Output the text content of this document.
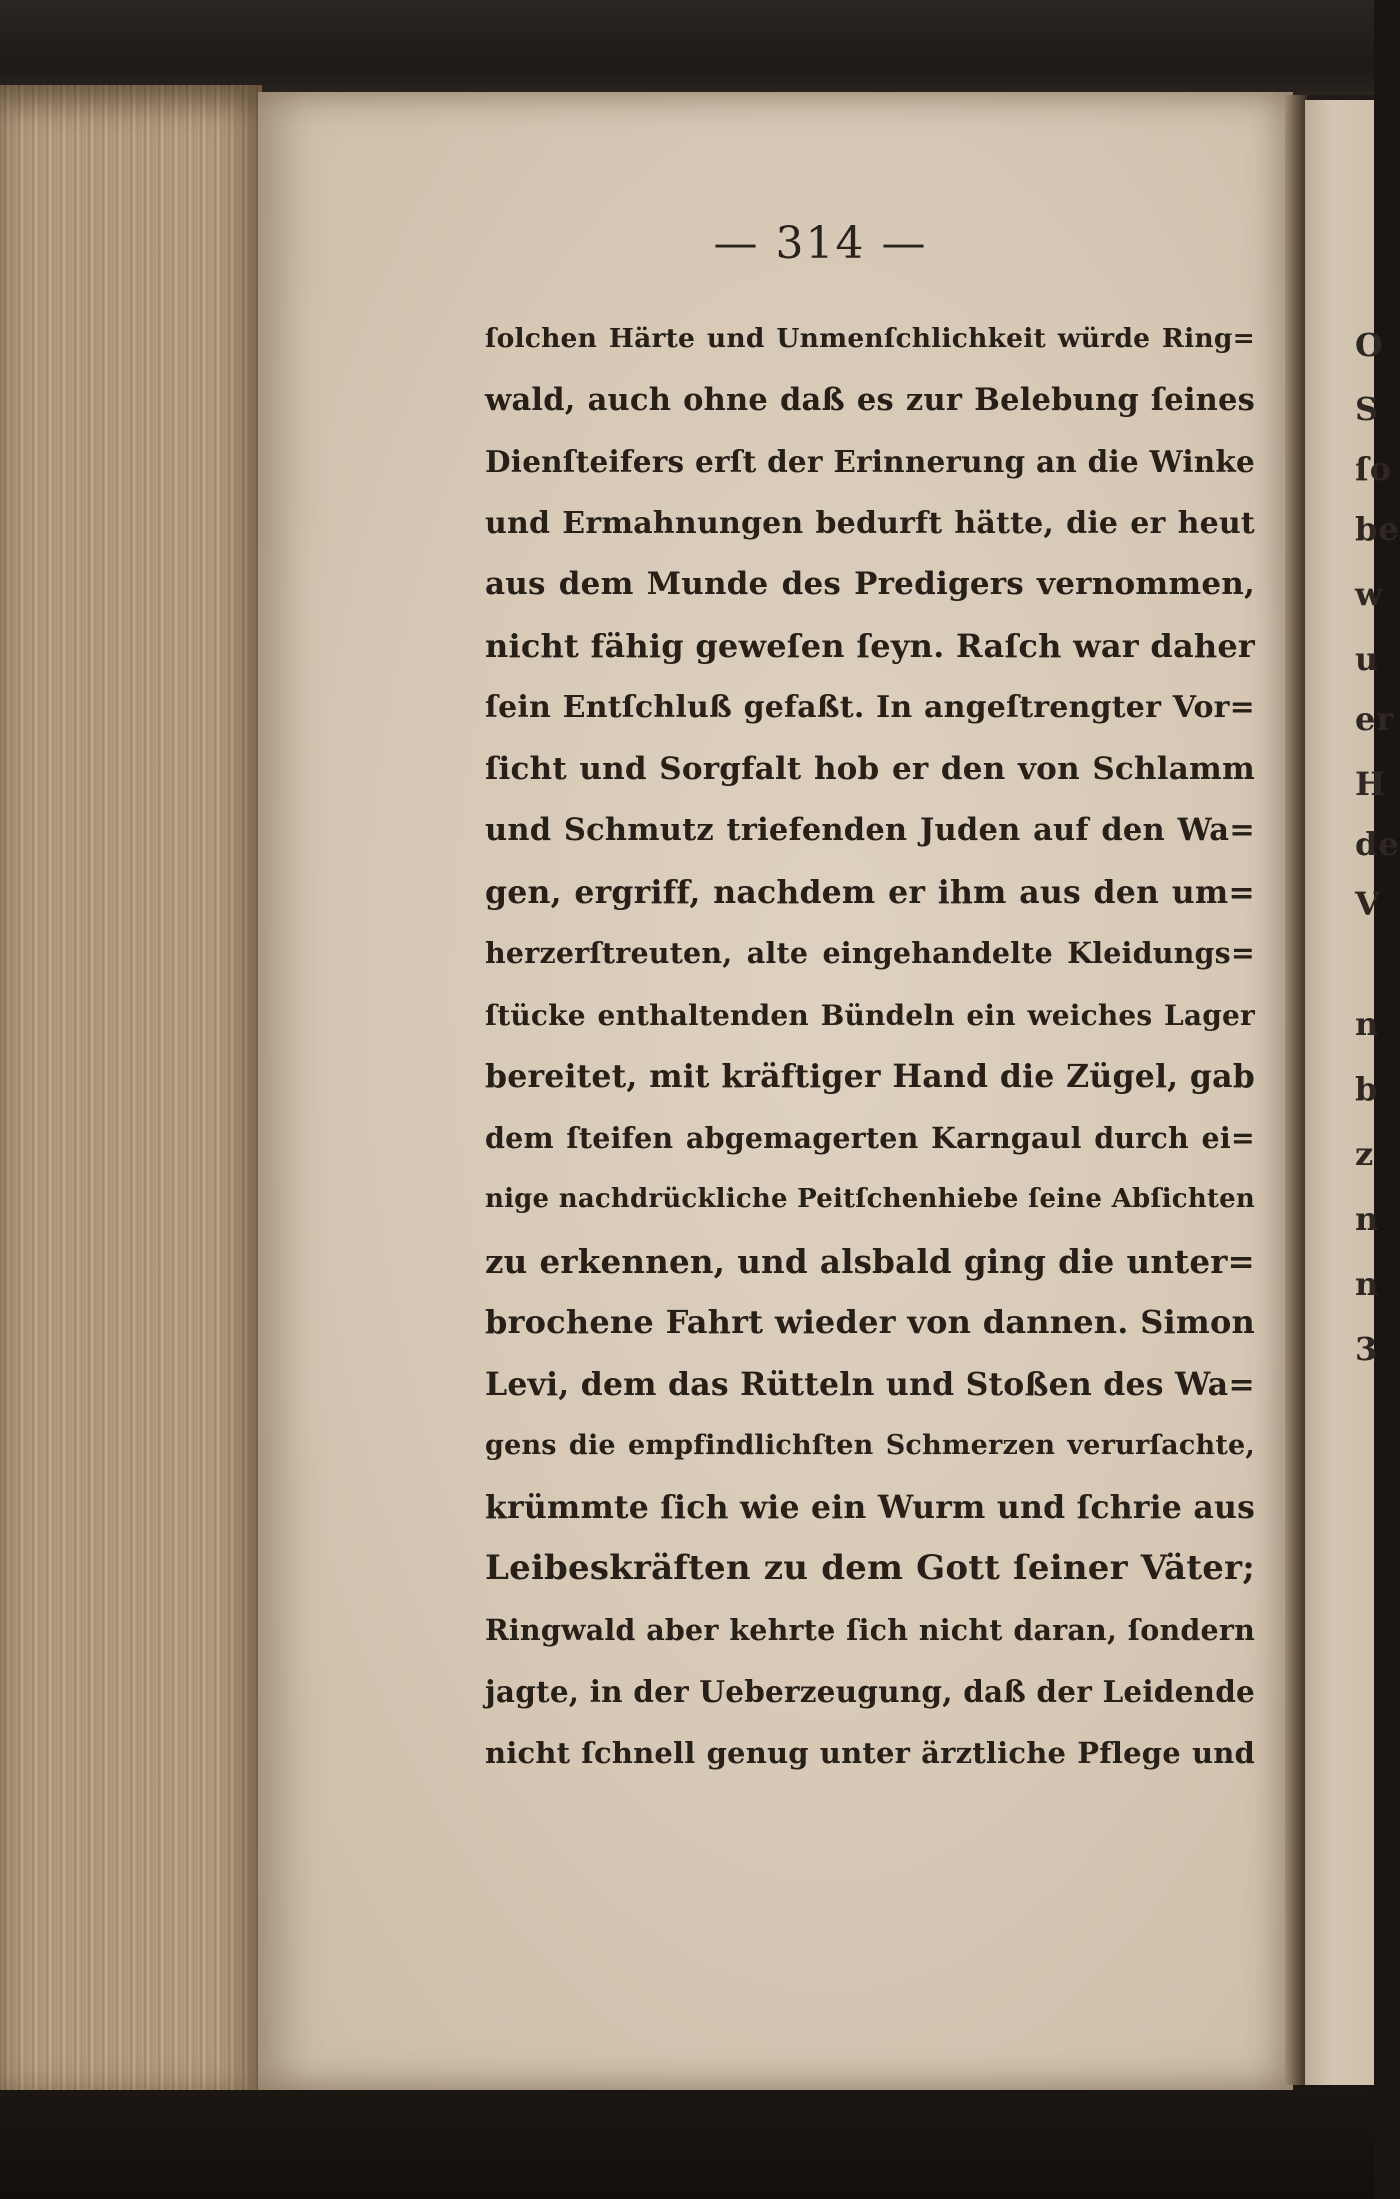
O
S
ſo
be
w
u
er
H
de
V
n
b
z
n
n
3
— 314 —
ſolchen Härte und Unmenſchlichkeit würde Ring=
wald, auch ohne daß es zur Belebung ſeines
Dienſteifers erſt der Erinnerung an die Winke
und Ermahnungen bedurft hätte, die er heut
aus dem Munde des Predigers vernommen,
nicht fähig geweſen ſeyn. Raſch war daher
ſein Entſchluß gefaßt. In angeſtrengter Vor=
ſicht und Sorgfalt hob er den von Schlamm
und Schmutz triefenden Juden auf den Wa=
gen, ergriff, nachdem er ihm aus den um=
herzerſtreuten, alte eingehandelte Kleidungs=
ſtücke enthaltenden Bündeln ein weiches Lager
bereitet, mit kräftiger Hand die Zügel, gab
dem ſteifen abgemagerten Karngaul durch ei=
nige nachdrückliche Peitſchenhiebe ſeine Abſichten
zu erkennen, und alsbald ging die unter=
brochene Fahrt wieder von dannen. Simon
Levi, dem das Rütteln und Stoßen des Wa=
gens die empfindlichſten Schmerzen verurſachte,
krümmte ſich wie ein Wurm und ſchrie aus
Leibeskräften zu dem Gott ſeiner Väter;
Ringwald aber kehrte ſich nicht daran, ſondern
jagte, in der Ueberzeugung, daß der Leidende
nicht ſchnell genug unter ärztliche Pflege und
